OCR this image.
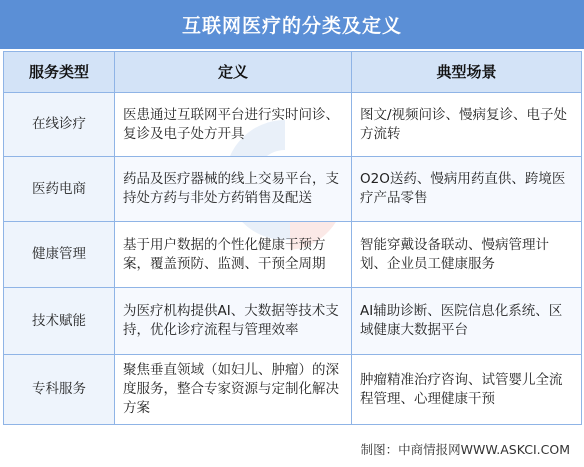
互联网医疗的分类及定义
服务类型	定义	典型场景
在线诊疗	医患通过互联网平台进行实时问诊、复诊及电子处方开具	图文/视频问诊、慢病复诊、电子处方流转
医药电商	药品及医疗器械的线上交易平台，支持处方药与非处方药销售及配送	O2O送药、慢病用药直供、跨境医疗产品零售
健康管理	基于用户数据的个性化健康干预方案，覆盖预防、监测、干预全周期	智能穿戴设备联动、慢病管理计划、企业员工健康服务
技术赋能	为医疗机构提供AI、大数据等技术支持，优化诊疗流程与管理效率	AI辅助诊断、医院信息化系统、区域健康大数据平台
专科服务	聚焦垂直领域（如妇儿、肿瘤）的深度服务，整合专家资源与定制化解决方案	肿瘤精准治疗咨询、试管婴儿全流程管理、心理健康干预
制图：中商情报网WWW.ASKCI.COM
